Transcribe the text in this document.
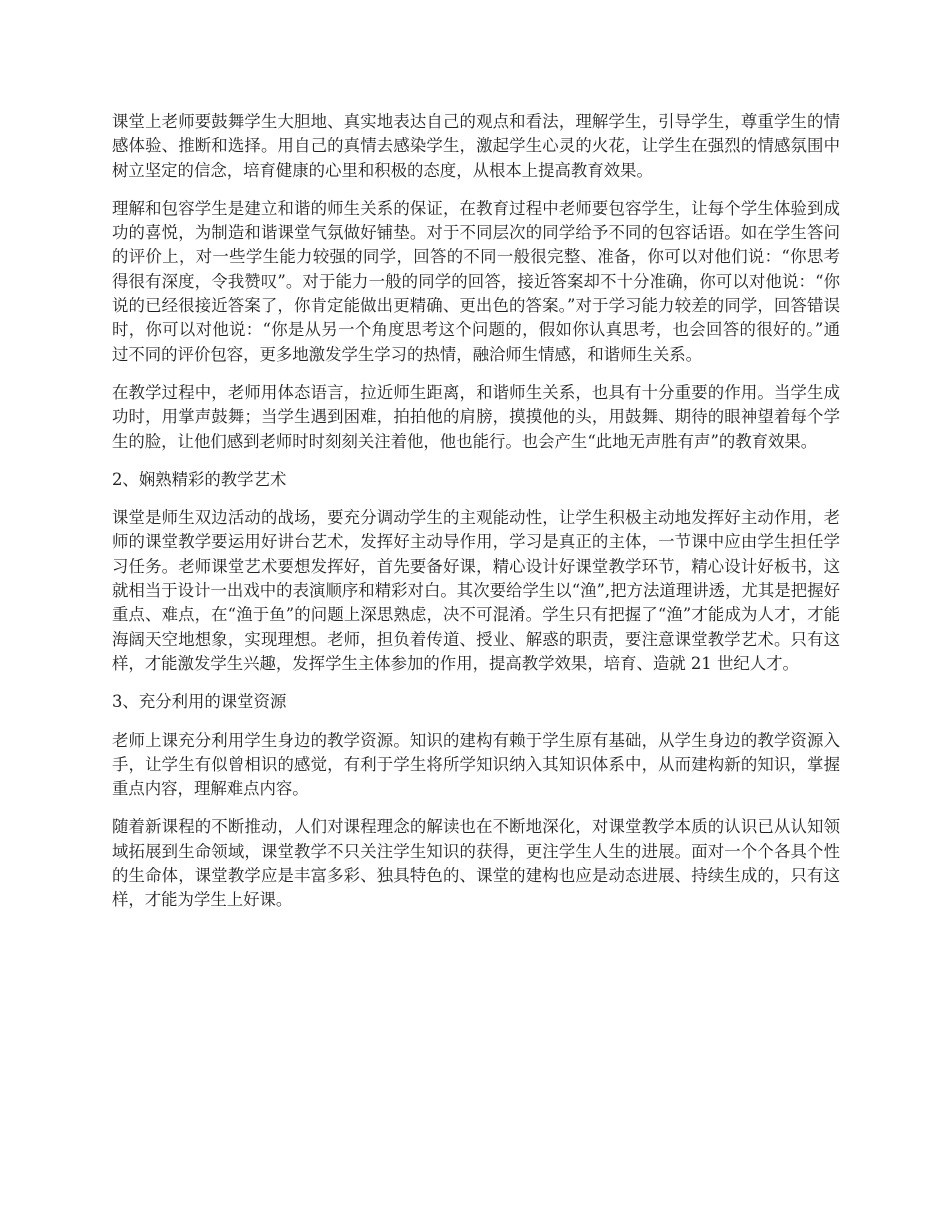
课堂上老师要鼓舞学生大胆地、真实地表达自己的观点和看法，理解学生，引导学生，尊重学生的情感体验、推断和选择。用自己的真情去感染学生，激起学生心灵的火花，让学生在强烈的情感氛围中树立坚定的信念，培育健康的心里和积极的态度，从根本上提高教育效果。

理解和包容学生是建立和谐的师生关系的保证，在教育过程中老师要包容学生，让每个学生体验到成功的喜悦，为制造和谐课堂气氛做好铺垫。对于不同层次的同学给予不同的包容话语。如在学生答问的评价上，对一些学生能力较强的同学，回答的不同一般很完整、准备，你可以对他们说：“你思考得很有深度，令我赞叹”。对于能力一般的同学的回答，接近答案却不十分准确，你可以对他说：“你说的已经很接近答案了，你肯定能做出更精确、更出色的答案。”对于学习能力较差的同学，回答错误时，你可以对他说：“你是从另一个角度思考这个问题的，假如你认真思考，也会回答的很好的。”通过不同的评价包容，更多地激发学生学习的热情，融洽师生情感，和谐师生关系。

在教学过程中，老师用体态语言，拉近师生距离，和谐师生关系，也具有十分重要的作用。当学生成功时，用掌声鼓舞；当学生遇到困难，拍拍他的肩膀，摸摸他的头，用鼓舞、期待的眼神望着每个学生的脸，让他们感到老师时时刻刻关注着他，他也能行。也会产生“此地无声胜有声”的教育效果。

2、娴熟精彩的教学艺术

课堂是师生双边活动的战场，要充分调动学生的主观能动性，让学生积极主动地发挥好主动作用，老师的课堂教学要运用好讲台艺术，发挥好主动导作用，学习是真正的主体，一节课中应由学生担任学习任务。老师课堂艺术要想发挥好，首先要备好课，精心设计好课堂教学环节，精心设计好板书，这就相当于设计一出戏中的表演顺序和精彩对白。其次要给学生以“渔”,把方法道理讲透，尤其是把握好重点、难点，在“渔于鱼”的问题上深思熟虑，决不可混淆。学生只有把握了“渔”才能成为人才，才能海阔天空地想象，实现理想。老师，担负着传道、授业、解惑的职责，要注意课堂教学艺术。只有这样，才能激发学生兴趣，发挥学生主体参加的作用，提高教学效果，培育、造就 21 世纪人才。

3、充分利用的课堂资源

老师上课充分利用学生身边的教学资源。知识的建构有赖于学生原有基础，从学生身边的教学资源入手，让学生有似曾相识的感觉，有利于学生将所学知识纳入其知识体系中，从而建构新的知识，掌握重点内容，理解难点内容。

随着新课程的不断推动，人们对课程理念的解读也在不断地深化，对课堂教学本质的认识已从认知领域拓展到生命领域，课堂教学不只关注学生知识的获得，更注学生人生的进展。面对一个个各具个性的生命体，课堂教学应是丰富多彩、独具特色的、课堂的建构也应是动态进展、持续生成的，只有这样，才能为学生上好课。
